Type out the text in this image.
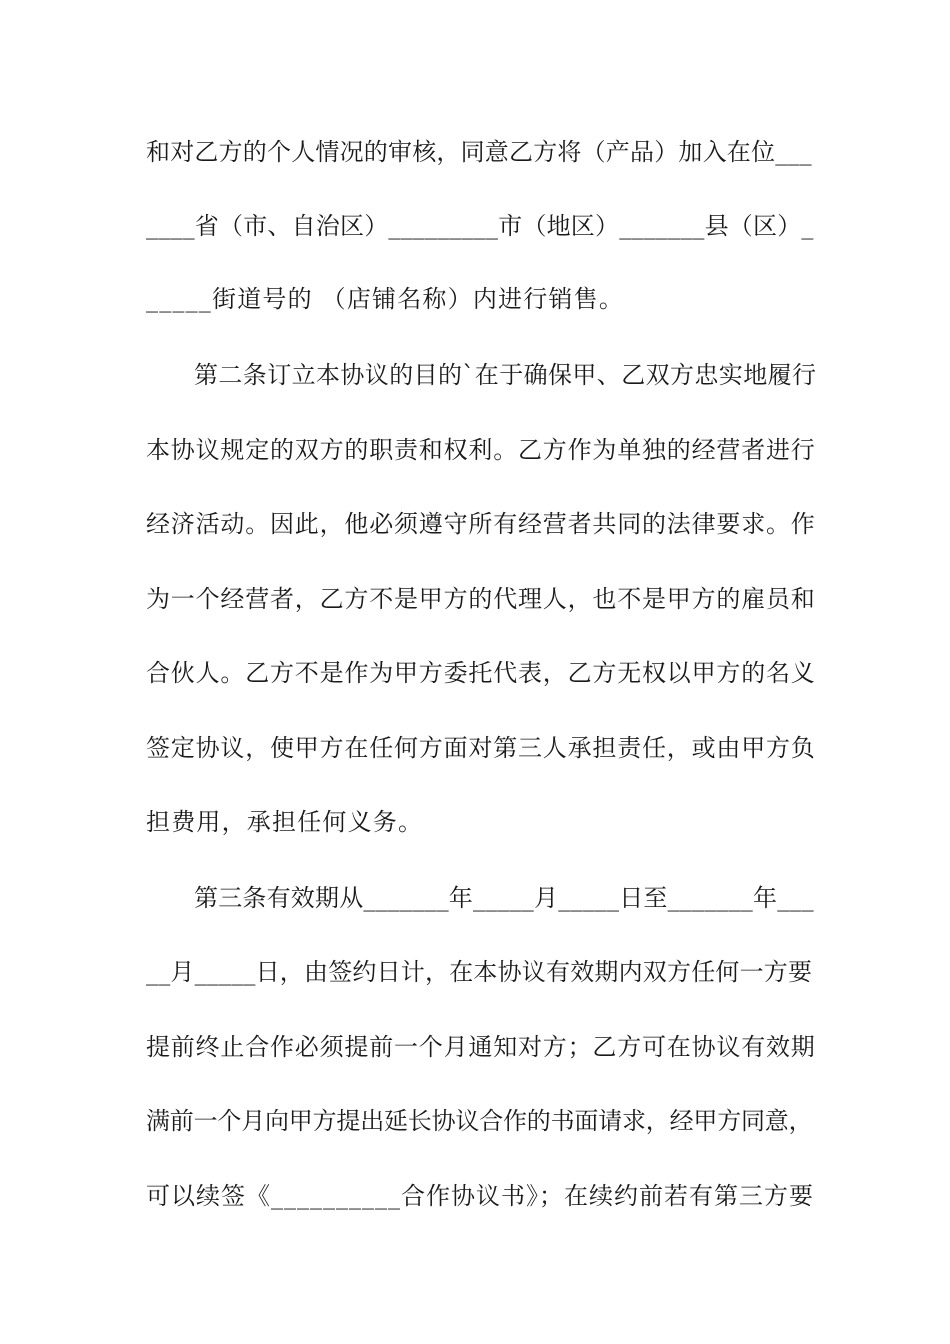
和对乙方的个人情况的审核，同意乙方将（产品）加入在位___
____省（市、自治区）_________市（地区）_______县（区）_
_____街道号的 （店铺名称）内进行销售。
第二条订立本协议的目的`在于确保甲、乙双方忠实地履行
本协议规定的双方的职责和权利。乙方作为单独的经营者进行
经济活动。因此，他必须遵守所有经营者共同的法律要求。作
为一个经营者，乙方不是甲方的代理人，也不是甲方的雇员和
合伙人。乙方不是作为甲方委托代表，乙方无权以甲方的名义
签定协议，使甲方在任何方面对第三人承担责任，或由甲方负
担费用，承担任何义务。
第三条有效期从_______年_____月_____日至_______年___
__月_____日，由签约日计，在本协议有效期内双方任何一方要
提前终止合作必须提前一个月通知对方；乙方可在协议有效期
满前一个月向甲方提出延长协议合作的书面请求，经甲方同意，
可以续签《__________合作协议书》；在续约前若有第三方要
